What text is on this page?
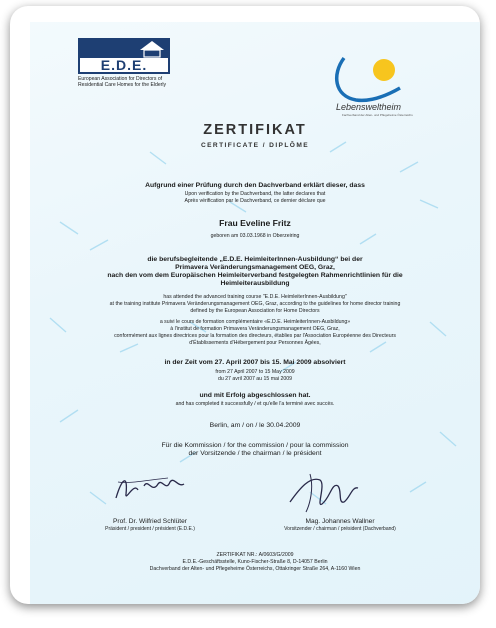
E.D.E.
European Association for Directors of
Residential Care Homes for the Elderly
Lebensweltheim
Fachverband der Alten- und Pflegeheime Österreichs
ZERTIFIKAT
CERTIFICATE / DIPLÔME
Aufgrund einer Prüfung durch den Dachverband erklärt dieser, dass
Upon verification by the Dachverband, the latter declares that
Après vérification par le Dachverband, ce dernier déclare que
Frau Eveline Fritz
geboren am 03.03.1968 in Oberzeiring
die berufsbegleitende „E.D.E. HeimleiterInnen-Ausbildung“ bei der
Primaverа Veränderungsmanagement OEG, Graz,
nach den vom dem Europäischen Heimleiterverband festgelegten Rahmenrichtlinien für die
Heimleiterausbildung
has attended the advanced training course "E.D.E. HeimleiterInnen-Ausbildung"
at the training institute Primavera Veränderungsmanagement OEG, Graz, according to the guidelines for home director training
defined by the European Association for Home Directors
a suivi le cours de formation complémentaire «E.D.E. HeimleiterInnen-Ausbildung»
à l'institut de formation Primavera Veränderungsmanagement OEG, Graz,
conformément aux lignes directrices pour la formation des directeurs, établies par l'Association Européenne des Directeurs
d'Établissements d'Hébergement pour Personnes Âgées,
in der Zeit vom 27. April 2007 bis 15. Mai 2009 absolviert
from 27 April 2007 to 15 May 2009
du 27 avril 2007 au 15 mai 2009
und mit Erfolg abgeschlossen hat.
and has completed it successfully / et qu'elle l'a terminé avec succès.
Berlin, am / on / le 30.04.2009
Für die Kommission / for the commission / pour la commission
der Vorsitzende / the chairman / le président
Prof. Dr. Wilfried Schlüter
Präsident / president / président (E.D.E.)
Mag. Johannes Wallner
Vorsitzender / chairman / président (Dachverband)
ZERTIFIKAT NR.: A/0603/G/2009
E.D.E.-Geschäftsstelle, Kuno-Fischer-Straße 8, D-14057 Berlin
Dachverband der Alten- und Pflegeheime Österreichs, Ottakringer Straße 264, A-1160 Wien
